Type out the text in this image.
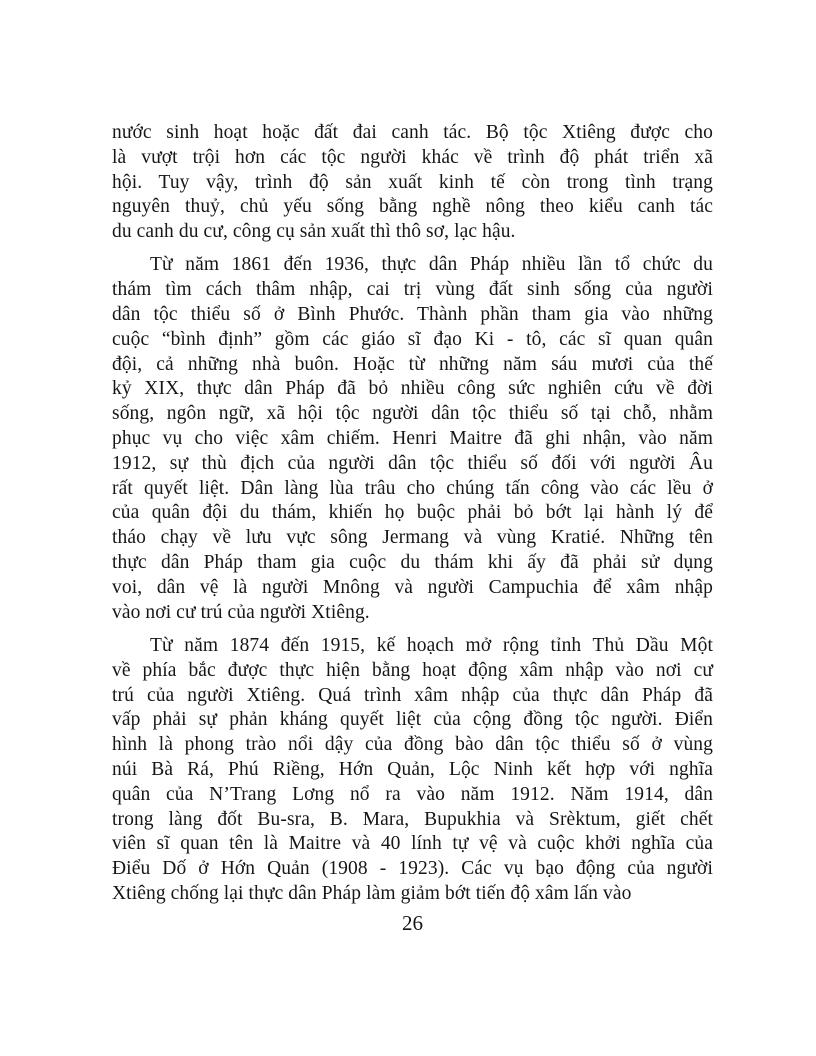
nước sinh hoạt hoặc đất đai canh tác. Bộ tộc Xtiêng được cho
là vượt trội hơn các tộc người khác về trình độ phát triển xã
hội. Tuy vậy, trình độ sản xuất kinh tế còn trong tình trạng
nguyên thuỷ, chủ yếu sống bằng nghề nông theo kiểu canh tác
du canh du cư, công cụ sản xuất thì thô sơ, lạc hậu.
Từ năm 1861 đến 1936, thực dân Pháp nhiều lần tổ chức du
thám tìm cách thâm nhập, cai trị vùng đất sinh sống của người
dân tộc thiểu số ở Bình Phước. Thành phần tham gia vào những
cuộc “bình định” gồm các giáo sĩ đạo Ki - tô, các sĩ quan quân
đội, cả những nhà buôn. Hoặc từ những năm sáu mươi của thế
kỷ XIX, thực dân Pháp đã bỏ nhiều công sức nghiên cứu về đời
sống, ngôn ngữ, xã hội tộc người dân tộc thiểu số tại chỗ, nhằm
phục vụ cho việc xâm chiếm. Henri Maitre đã ghi nhận, vào năm
1912, sự thù địch của người dân tộc thiểu số đối với người Âu
rất quyết liệt. Dân làng lùa trâu cho chúng tấn công vào các lều ở
của quân đội du thám, khiến họ buộc phải bỏ bớt lại hành lý để
tháo chạy về lưu vực sông Jermang và vùng Kratié. Những tên
thực dân Pháp tham gia cuộc du thám khi ấy đã phải sử dụng
voi, dân vệ là người Mnông và người Campuchia để xâm nhập
vào nơi cư trú của người Xtiêng.
Từ năm 1874 đến 1915, kế hoạch mở rộng tỉnh Thủ Dầu Một
về phía bắc được thực hiện bằng hoạt động xâm nhập vào nơi cư
trú của người Xtiêng. Quá trình xâm nhập của thực dân Pháp đã
vấp phải sự phản kháng quyết liệt của cộng đồng tộc người. Điển
hình là phong trào nổi dậy của đồng bào dân tộc thiểu số ở vùng
núi Bà Rá, Phú Riềng, Hớn Quản, Lộc Ninh kết hợp với nghĩa
quân của N’Trang Lơng nổ ra vào năm 1912. Năm 1914, dân
trong làng đốt Bu-sra, B. Mara, Bupukhia và Srèktum, giết chết
viên sĩ quan tên là Maitre và 40 lính tự vệ và cuộc khởi nghĩa của
Điểu Dố ở Hớn Quản (1908 - 1923). Các vụ bạo động của người
Xtiêng chống lại thực dân Pháp làm giảm bớt tiến độ xâm lấn vào
26
